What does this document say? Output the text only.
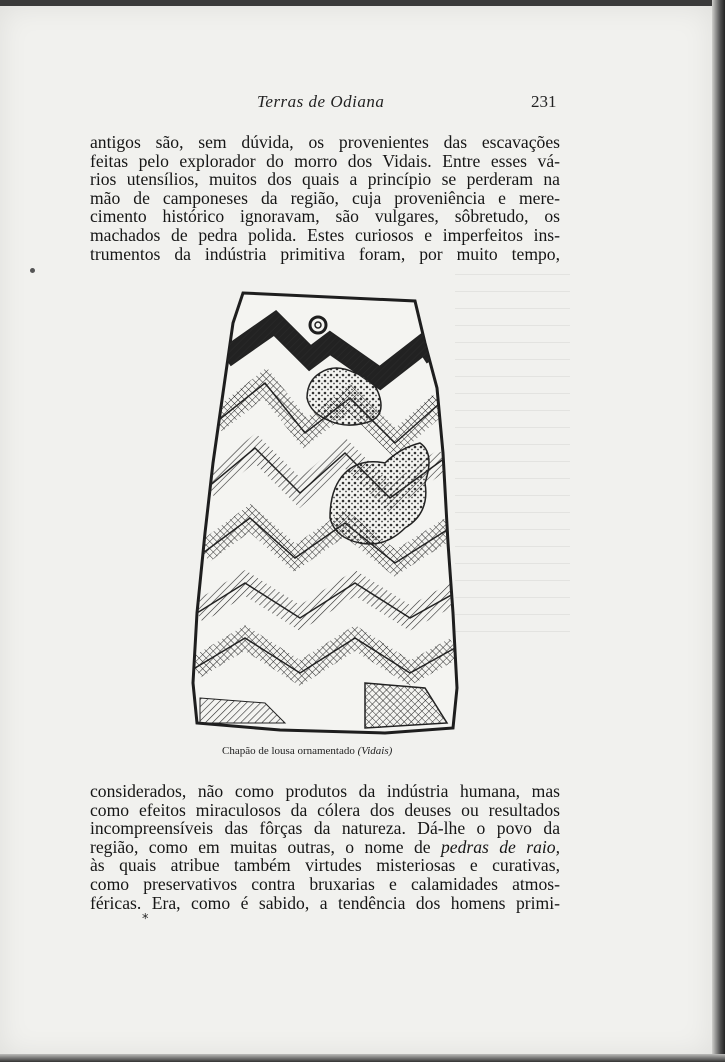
Terras de Odiana	231
antigos são, sem dúvida, os provenientes das escavações
feitas pelo explorador do morro dos Vidais. Entre esses vá-
rios utensílios, muitos dos quais a princípio se perderam na
mão de camponeses da região, cuja proveniência e mere-
cimento histórico ignoravam, são vulgares, sôbretudo, os
machados de pedra polida. Estes curiosos e imperfeitos ins-
trumentos da indústria primitiva foram, por muito tempo,
Chapão de lousa ornamentado (Vidais)
considerados, não como produtos da indústria humana, mas
como efeitos miraculosos da cólera dos deuses ou resultados
incompreensíveis das fôrças da natureza. Dá-lhe o povo da
região, como em muitas outras, o nome de pedras de raio,
às quais atribue também virtudes misteriosas e curativas,
como preservativos contra bruxarias e calamidades atmos-
féricas. Era, como é sabido, a tendência dos homens primi-
*
